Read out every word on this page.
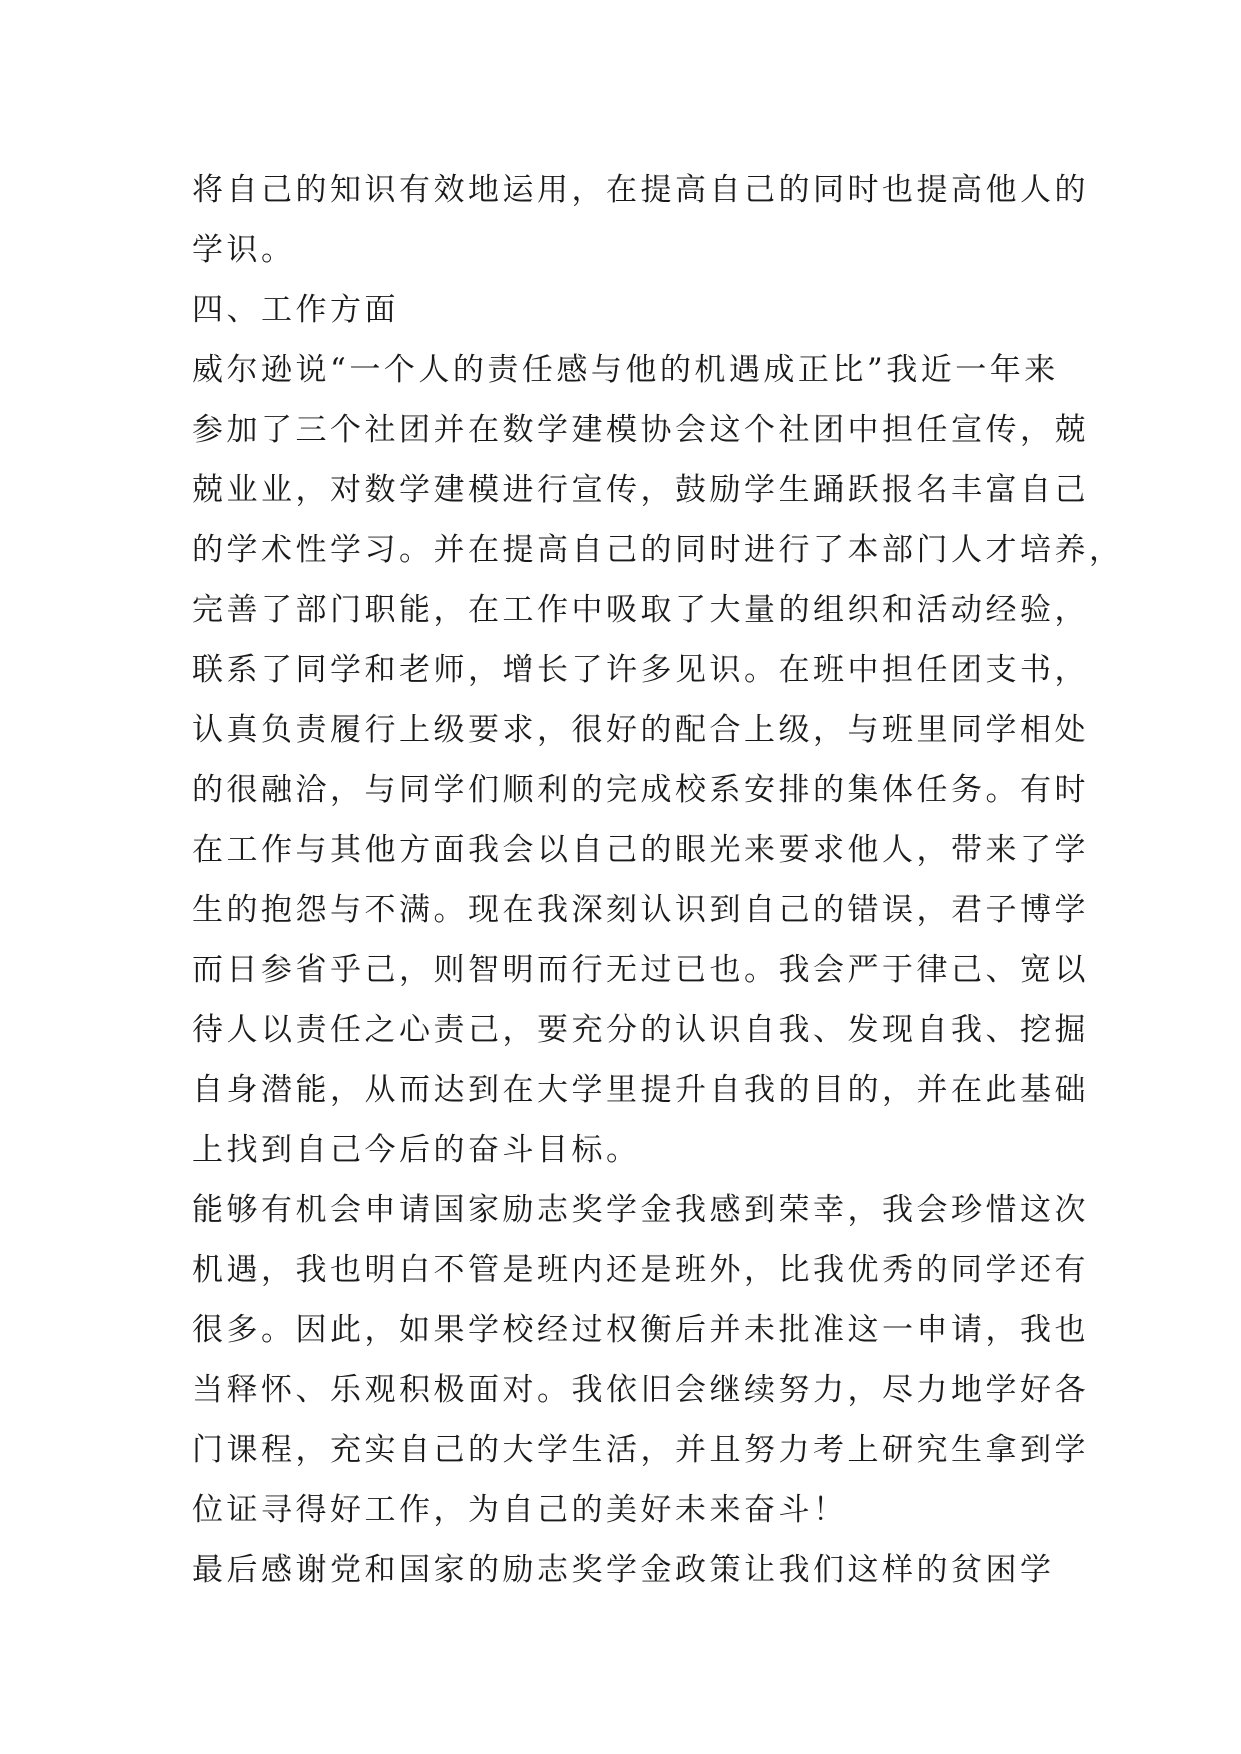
将自己的知识有效地运用，在提高自己的同时也提高他人的
学识。
四、工作方面
威尔逊说“一个人的责任感与他的机遇成正比”我近一年来
参加了三个社团并在数学建模协会这个社团中担任宣传，兢
兢业业，对数学建模进行宣传，鼓励学生踊跃报名丰富自己
的学术性学习。并在提高自己的同时进行了本部门人才培养，
完善了部门职能，在工作中吸取了大量的组织和活动经验，
联系了同学和老师，增长了许多见识。在班中担任团支书，
认真负责履行上级要求，很好的配合上级，与班里同学相处
的很融洽，与同学们顺利的完成校系安排的集体任务。有时
在工作与其他方面我会以自己的眼光来要求他人，带来了学
生的抱怨与不满。现在我深刻认识到自己的错误，君子博学
而日参省乎己，则智明而行无过已也。我会严于律己、宽以
待人以责任之心责己，要充分的认识自我、发现自我、挖掘
自身潜能，从而达到在大学里提升自我的目的，并在此基础
上找到自己今后的奋斗目标。
能够有机会申请国家励志奖学金我感到荣幸，我会珍惜这次
机遇，我也明白不管是班内还是班外，比我优秀的同学还有
很多。因此，如果学校经过权衡后并未批准这一申请，我也
当释怀、乐观积极面对。我依旧会继续努力，尽力地学好各
门课程，充实自己的大学生活，并且努力考上研究生拿到学
位证寻得好工作，为自己的美好未来奋斗！
最后感谢党和国家的励志奖学金政策让我们这样的贫困学
